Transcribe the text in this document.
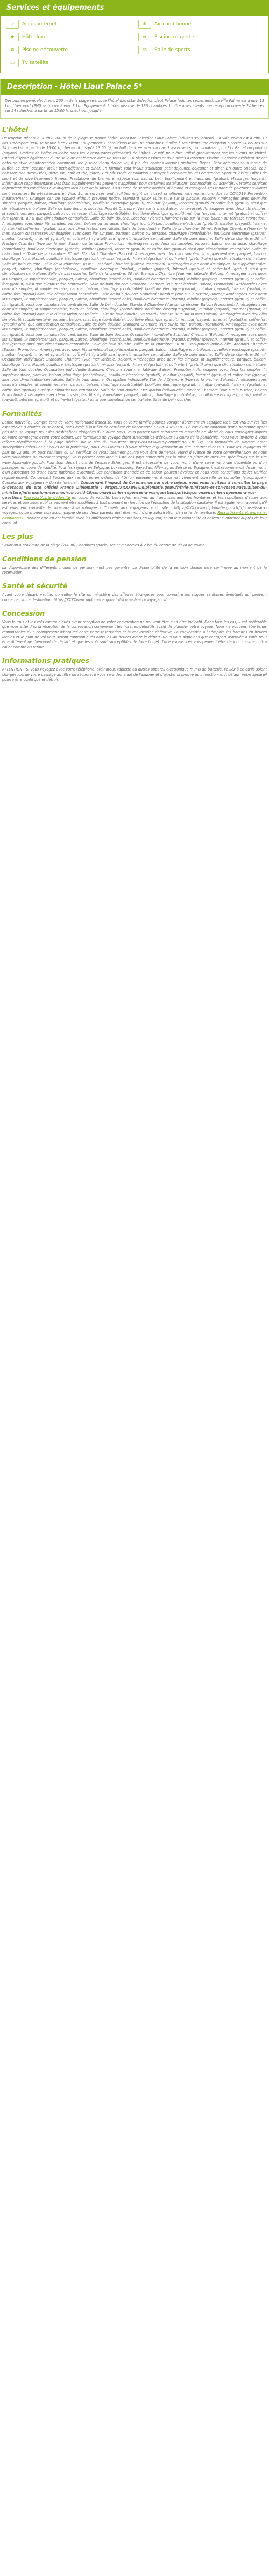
Services et équipements
⌔	Accès internet	❄	Air conditionné
★	Hôtel luxe	≈	Piscine couverte
≋	Piscine découverte	⚖	Salle de sports
▭	Tv satellite
Description - Hôtel Liaut Palace 5*
Description générale: À env. 200 m de la plage se trouve l'hôtel Iberostar Selection Liaut Palace (adultes seulement). La ville Palma est à env. 13 km. L'aéroport (PMI) se trouve à env. 8 km. Équipement: L'hôtel dispose de 186 chambres. Il offre à ses clients une réception ouverte 24 heures sur 24 (check-in à partir de 15:00 h, check-out jusqu'à ...
L'hôtel

Description générale: À env. 200 m de la plage se trouve l'hôtel Iberostar Selection Liaut Palace (adultes seulement). La ville Palma est à env. 13 km. L'aéroport (PMI) se trouve à env. 8 km. Équipement: L'hôtel dispose de 186 chambres. Il offre à ses clients une réception ouverte 24 heures sur 24 (check-in à partir de 15:00 h, check-out jusqu'à 13:00 h), un hall d'entrée avec un bar, 3 ascenseurs, un climatiseur, un Sky Bar et un parking (payant). Profitez de l'offre culinaire dans les 2 restaurants (climatisé) de l'hôtel. Le wifi peut être utilisé gratuitement par les clients de l'hôtel. L'hôtel dispose également d'une salle de conférence avec un total de 110 places assises et d'un accès à Internet. Piscine: L'espace extérieur de cet hôtel de style méditerranéen comprend une piscine d'eau douce. Ici, il y a des chaises longues gratuites. Repas: Petit déjeuner sous forme de buffet. Le demi-pension inclut petit-déjeuner et dîner. En formule tout inclus s'ajoutent petit-déjeuner, déjeuner et dîner. En outre Snacks, eau, boissons non-alcoolisées, bière, vin, café et thé, glaceux et pâtisserie et collation et moyet à certaines heures de service. Sport et loisirs: Offres de sport et de divertissement: fitness. Prestations de bien-être: espace spa, sauna, bain bouillonnant et hammam (gratuit). Massages (payant). Information supplémentaire: Des frais supplémentaires peuvent s'appliquer pour certaines installations, commodités ou activités. Certains services dépendent des conditions climatiques locales et de la saison. La gamme de service anglais, allemand et espagnol. Les rendez de paiement suivants sont acceptés: Euro/Mastercard et Visa. Some services and facilities might be closed or offered with restrictions due to COVID19 Prevention measurement. Changes can be applied without previous notice. Standard Junior Suite (Vue sur la piscine, Balcon): Aménagées avec deux lits simples, parquet, balcon, chauffage (contrôlable), bouilloire électrique (gratuit), minibar (payant), Internet (gratuit) et coffre-fort (gratuit) ainsi que climatisation centralisée. Salle de bain douche. Location Priorité Chambre (Vue sur la mer, Balcon ou terrasse): Aménagées avec deux lits simples, lit supplémentaire, parquet, balcon ou terrasse, chauffage (contrôlable), bouilloire électrique (gratuit), minibar (payant), Internet (gratuit) et coffre-fort (gratuit) ainsi que climatisation centralisée. Salle de bain douche. Location Priorité Chambre (Vue sur la mer, balcon ou terrasse Promotion): Aménagées avec deux lits simples, parquet, balcon ou terrasse, chauffage (contrôlable), bouilloire électrique (gratuit), minibar (payant), Internet (gratuit) et coffre-fort (gratuit) ainsi que climatisation centralisée. Salle de bain douche. Taille de la chambre: 30 m². Prestige Chambre (Vue sur la mer, Balcon ou terrasse): Aménagées avec deux lits simples, parquet, balcon ou terrasse, chauffage (contrôlable), bouilloire électrique (gratuit), minibar (payant), Internet (gratuit) et coffre-fort (gratuit) ainsi que climatisation centralisée. Salle de bain douche. Taille de la chambre: 30 m². Prestige Chambre (Vue sur la mer, Balcon ou terrasse Promotion): Aménagées avec deux lits simples, parquet, balcon ou terrasse, chauffage (contrôlable), bouilloire électrique (gratuit), minibar (payant), Internet (gratuit) et coffre-fort (gratuit) ainsi que climatisation centralisée. Salle de bain douche. Taille de la chambre: 30 m². Standard Chambre (Balcon): Aménagées avec deux lits simples, lit supplémentaire, parquet, balcon, chauffage (contrôlable), bouilloire électrique (gratuit), minibar (payant), Internet (gratuit) et coffre-fort (gratuit) ainsi que climatisation centralisée. Salle de bain douche. Taille de la chambre: 30 m². Standard Chambre (Balcon Promotion): Aménagées avec deux lits simples, lit supplémentaire, parquet, balcon, chauffage (contrôlable), bouilloire électrique (gratuit), minibar (payant), Internet (gratuit) et coffre-fort (gratuit) ainsi que climatisation centralisée. Salle de bain douche. Taille de la chambre: 30 m². Standard Chambre (Vue mer latérale, Balcon): Aménagées avec deux lits simples, lit supplémentaire, parquet, balcon, chauffage (contrôlable), bouilloire électrique (gratuit), minibar (payant), Internet (gratuit) et coffre-fort (gratuit) ainsi que climatisation centralisée. Salle de bain douche. Standard Chambre (Vue mer latérale, Balcon, Promotion): Aménagées avec deux lits simples, lit supplémentaire, parquet, balcon, chauffage (contrôlable), bouilloire électrique (gratuit), minibar (payant), Internet (gratuit) et coffre-fort (gratuit) ainsi que climatisation centralisée. Salle de bain douche. Standard Chambre (Vue sur la piscine, Balcon): Aménagées avec deux lits simples, lit supplémentaire, parquet, balcon, chauffage (contrôlable), bouilloire électrique (gratuit), minibar (payant), Internet (gratuit) et coffre-fort (gratuit) ainsi que climatisation centralisée. Salle de bain douche. Standard Chambre (Vue sur la piscine, Balcon Promotion): Aménagées avec deux lits simples, lit supplémentaire, parquet, balcon, chauffage (contrôlable), bouilloire électrique (gratuit), minibar (payant), Internet (gratuit) et coffre-fort (gratuit) ainsi que climatisation centralisée. Salle de bain douche. Standard Chambre (Vue sur la mer, Balcon): Aménagées avec deux lits simples, lit supplémentaire, parquet, balcon, chauffage (contrôlable), bouilloire électrique (gratuit), minibar (payant), Internet (gratuit) et coffre-fort (gratuit) ainsi que climatisation centralisée. Salle de bain douche. Standard Chambre (Vue sur la mer, Balcon, Promotion): Aménagées avec deux lits simples, lit supplémentaire, parquet, balcon, chauffage (contrôlable), bouilloire électrique (gratuit), minibar (payant), Internet (gratuit) et coffre-fort (gratuit) ainsi que climatisation centralisée. Salle de bain douche. Occupation individuelle Standard Chambre (Balcon): Aménagées avec deux lits simples, lit supplémentaire, parquet, balcon, chauffage (contrôlable), bouilloire électrique (gratuit), minibar (payant), Internet (gratuit) et coffre-fort (gratuit) ainsi que climatisation centralisée. Salle de bain douche. Taille de la chambre: 30 m². Occupation individuelle Standard Chambre (Balcon, Promotion): Aménagées avec deux lits simples, lit supplémentaire, parquet, balcon, chauffage (contrôlable), bouilloire électrique (gratuit), minibar (payant), Internet (gratuit) et coffre-fort (gratuit) ainsi que climatisation centralisée. Salle de bain douche. Taille de la chambre: 30 m². Occupation individuelle Standard Chambre (Vue mer latérale, Balcon): Aménagées avec deux lits simples, lit supplémentaire, parquet, balcon, chauffage (contrôlable), bouilloire électrique (gratuit), minibar (payant), Internet (gratuit) et coffre-fort (gratuit) ainsi que climatisation centralisée. Salle de bain douche. Occupation individuelle Standard Chambre (Vue mer latérale, Balcon, Promotion): Aménagées avec deux lits simples, lit supplémentaire, parquet, balcon, chauffage (contrôlable), bouilloire électrique (gratuit), minibar (payant), Internet (gratuit) et coffre-fort (gratuit) ainsi que climatisation centralisée. Salle de bain douche. Occupation individuelle Standard Chambre (Vue sur la piscine, Balcon): Aménagées avec deux lits simples, lit supplémentaire, parquet, balcon, chauffage (contrôlable), bouilloire électrique (gratuit), minibar (payant), Internet (gratuit) et coffre-fort (gratuit) ainsi que climatisation centralisée. Salle de bain douche. Occupation individuelle Standard Chambre (Vue sur la piscine, Balcon Promotion): Aménagées avec deux lits simples, lit supplémentaire, parquet, balcon, chauffage (contrôlable), bouilloire électrique (gratuit), minibar (payant), Internet (gratuit) et coffre-fort (gratuit) ainsi que climatisation centralisée. Salle de bain douche.

Formalités

Bonne nouvelle : Compte tenu de votre nationalité française, vous et votre famille pouvez voyager librement en Espagne (ceci est vrai sur les îles espagnoles (Canaries et Baléares), sans avoir à justifier de certificat de vaccination Covid. À NOTER - En cas d'une mutation d'une personne ayant pris déjà un voyage pour des destinations éloignées d'un autre pays, vous pouvez vous retrouver en quarantaine. Merci de vous renseigner auprès de votre compagnie avant votre départ. Les formalités de voyage étant susceptibles d'évoluer au cours de la pandémie, nous vous invitons à vous référer régulièrement à la page dédiée sur le site du ministère: https://XXXXwww.diplomatie.gouv.fr (Fr). Les formalités de voyage étant susceptibles d'évoluer au cours de la pandémie, nous vous invitons à vous référer régulièrement au site Internet ci-dessus. Pour les voyageurs de plus de 12 ans, un pass sanitaire ou un certificat de rétablissement pourra vous être demandé. Merci d'avance de votre compréhension, et nous vous souhaitons un excellent voyage. Vous pouvez consulter la liste des pays concernés par la mise en place de mesures spécifiques sur le site www.diplomatie.gouv.fr. Pour tout départ hors de l'espace Schengen, il est nécessaire de vous munir d'une carte nationale d'identité ou d'un passeport en cours de validité. Pour les séjours en Belgique, Luxembourg, Pays-Bas, Allemagne, Suisse ou Espagne, il est recommandé de se munir d'un passeport ou d'une carte nationale d'identité. Les conditions d'entrée et de séjour peuvent évoluer et nous vous conseillons de les vérifier régulièrement. Concernant l'accès aux territoires en dehors de l'Union européenne, il vous est vivement conseillé de consulter la rubrique « Conseils aux voyageurs » du site Internet : Concernant l'impact du Coronavirus sur votre séjour, nous vous invitons à consulter la page ci-dessous du site officiel France Diplomatie : https://XXXXwww.diplomatie.gouv.fr/fr/le-ministere-et-son-reseau/actualites-du-ministere/informations-coronavirus-covid-19/coronavirus-les-reponses-a-vos-questions/article/coronavirus-les-reponses-a-vos-questions Passeport/carte d'identité en cours de validité. Les règles relatives au franchissement des frontières et les conditions d'accès aux services et aux lieux publics peuvent être modifiées à tout moment en fonction de l'évolution de la situation sanitaire. Il est également rappelé qu'il est vivement conseillé de souscrire à la rubrique « Conseils aux voyageurs » du site : https://XXXXwww.diplomatie.gouv.fr/fr/conseils-aux-voyageurs/. Le mineur non accompagné de ses deux parents doit être muni d'une autorisation de sortie de territoire. Ressortissants étrangers et binationaux : doivent être en conformité avec les différentes réglementations en vigueur, selon leur nationalité et doivent s'informer auprès de leur consulat.

Les plus

Situation à proximité de la plage (200 m) Chambres spacieuses et modernes À 2 km du centre de Playa de Palma

Conditions de pension

La disponibilité des différents modes de pension n'est pas garantie. La disponibilité de la pension choisie sera confirmée au moment de la réservation.

Santé et sécurité

Avant votre départ, veuillez consulter le site du ministère des affaires étrangères pour connaître les risques sanitaires éventuels qui peuvent concerner votre destination: https://XXXXwww.diplomatie.gouv.fr/fr/conseils-aux-voyageurs/

Concession

Vous fournis et les vols communiqués avant réception de votre convocation ne peuvent être qu'à titre indicatif. Dans tous les cas, il est préférable que vous attendiez la réception de la convocation comprenant les horaires définitifs avant de planifier votre voyage. Nous ne pouvons être tenus responsables d'un changement d'horaires entre votre réservation et la convocation définitive. La convocation à l'aéroport, les horaires en heures locales et le plan de vol vous seront communiqués dans les 48 heures avant le départ. Nous vous signalons que l'aéroport d'arrivée à Paris peut être différent de l'aéroport de départ et que les vols sont susceptibles de faire l'objet d'une escale. Les vols peuvent être de jour comme nuit à l'aller comme au retour.

Informations pratiques

ATTENTION : Si vous voyagez avec votre téléphone, ordinateur, tablette ou autres appareil électronique munis de batterie, veillez à ce qu'ils soient chargés lors de votre passage au filtre de sécurité. Il vous sera demandé de l'allumer et d'ajuster la preuve qu'il fonctionne. À défaut, votre appareil pourra être confisqué et détruit.
